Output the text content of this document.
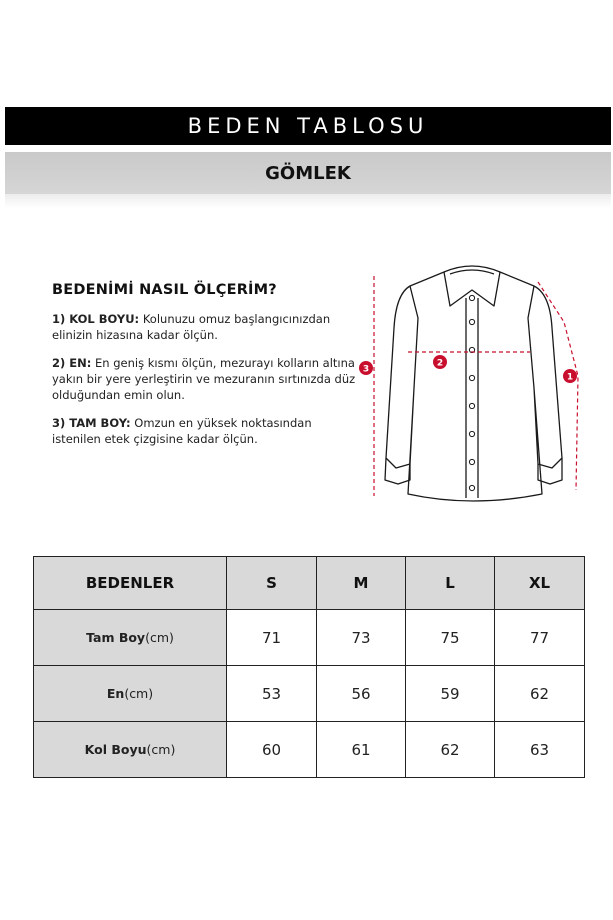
BEDEN TABLOSU
GÖMLEK
BEDENİMİ NASIL ÖLÇERİM?

1) KOL BOYU: Kolunuzu omuz başlangıcınızdan elinizin hizasına kadar ölçün.

2) EN: En geniş kısmı ölçün, mezurayı kolların altına yakın bir yere yerleştirin ve mezuranın sırtınızda düz olduğundan emin olun.

3) TAM BOY: Omzun en yüksek noktasından istenilen etek çizgisine kadar ölçün.

1
2
3
BEDENLER	S	M	L	XL
Tam Boy(cm)	71	73	75	77
En(cm)	53	56	59	62
Kol Boyu(cm)	60	61	62	63
